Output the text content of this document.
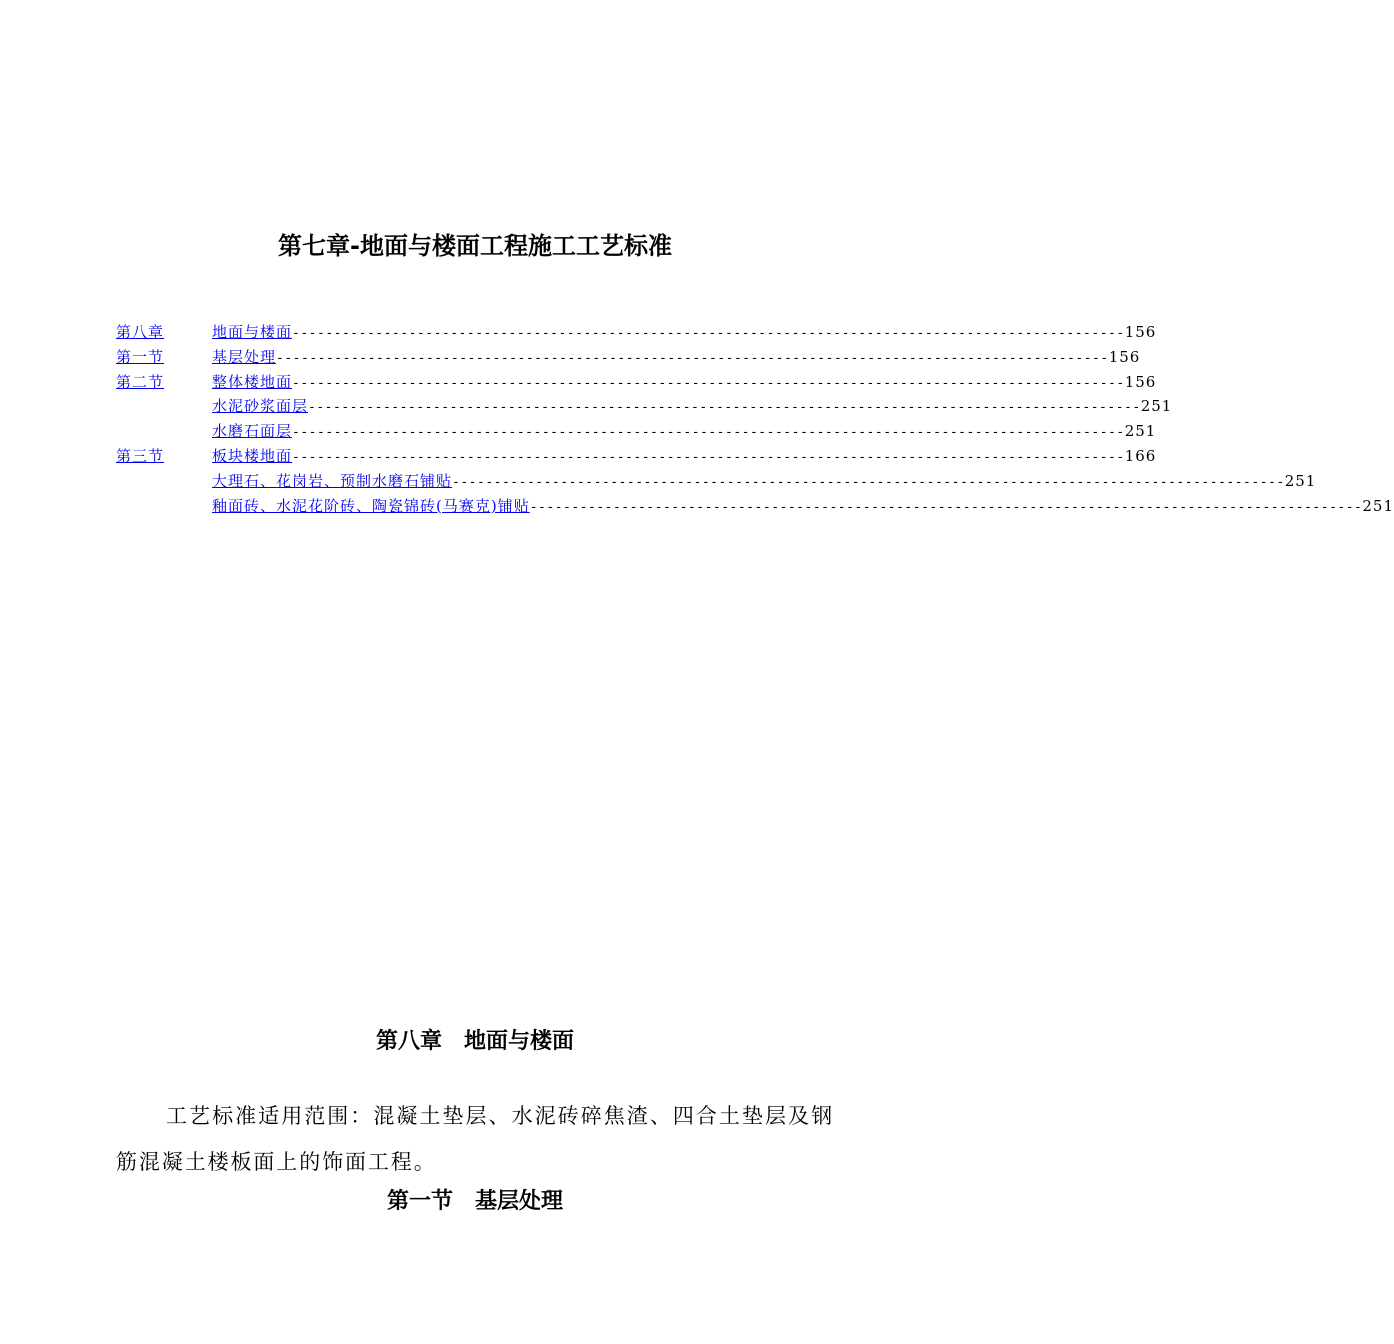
第七章-地面与楼面工程施工工艺标准
第八章	地面与楼面 ---------------------------------------------------------------------------------------------------- 156
第一节	基层处理 ---------------------------------------------------------------------------------------------------- 156
第二节	整体楼地面 ---------------------------------------------------------------------------------------------------- 156
水泥砂浆面层 ---------------------------------------------------------------------------------------------------- 251
水磨石面层 ---------------------------------------------------------------------------------------------------- 251
第三节	板块楼地面 ---------------------------------------------------------------------------------------------------- 166
大理石、花岗岩、预制水磨石铺贴 ---------------------------------------------------------------------------------------------------- 251
釉面砖、水泥花阶砖、陶瓷锦砖(马赛克)铺贴 ---------------------------------------------------------------------------------------------------- 251
第八章　地面与楼面

工艺标准适用范围：混凝土垫层、水泥砖碎焦渣、四合土垫层及钢筋混凝土楼板面上的饰面工程。

第一节　基层处理
